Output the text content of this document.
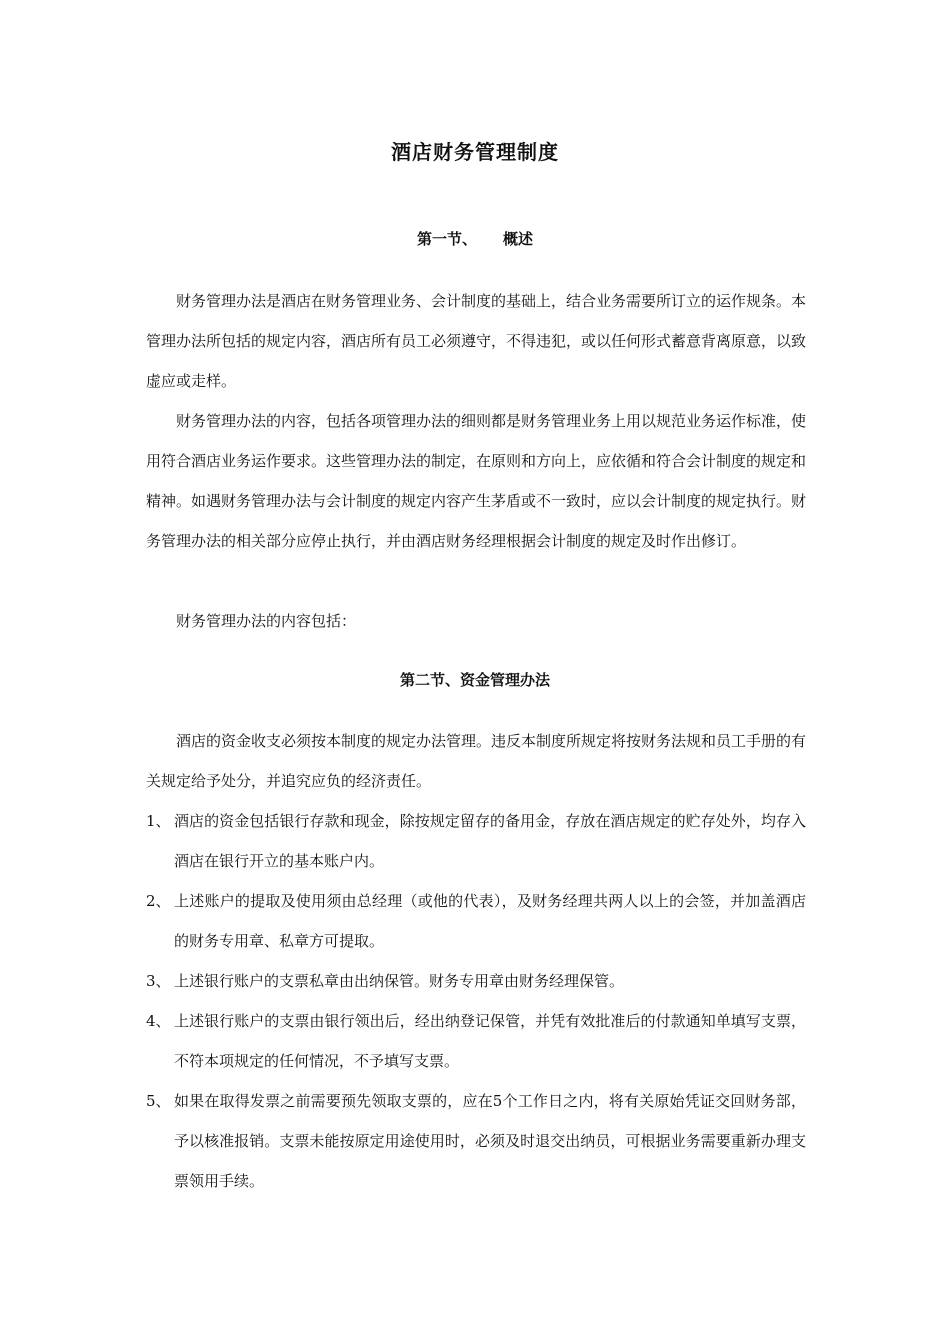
酒店财务管理制度
第一节、 概述

财务管理办法是酒店在财务管理业务、会计制度的基础上，结合业务需要所订立的运作规条。本管理办法所包括的规定内容，酒店所有员工必须遵守，不得违犯，或以任何形式蓄意背离原意，以致虚应或走样。

财务管理办法的内容，包括各项管理办法的细则都是财务管理业务上用以规范业务运作标准，使用符合酒店业务运作要求。这些管理办法的制定，在原则和方向上，应依循和符合会计制度的规定和精神。如遇财务管理办法与会计制度的规定内容产生茅盾或不一致时，应以会计制度的规定执行。财务管理办法的相关部分应停止执行，并由酒店财务经理根据会计制度的规定及时作出修订。

财务管理办法的内容包括：

第二节、资金管理办法

酒店的资金收支必须按本制度的规定办法管理。违反本制度所规定将按财务法规和员工手册的有关规定给予处分，并追究应负的经济责任。

1、 酒店的资金包括银行存款和现金，除按规定留存的备用金，存放在酒店规定的贮存处外，均存入酒店在银行开立的基本账户内。
2、 上述账户的提取及使用须由总经理（或他的代表），及财务经理共两人以上的会签，并加盖酒店的财务专用章、私章方可提取。
3、 上述银行账户的支票私章由出纳保管。财务专用章由财务经理保管。
4、 上述银行账户的支票由银行领出后，经出纳登记保管，并凭有效批准后的付款通知单填写支票，不符本项规定的任何情况，不予填写支票。
5、 如果在取得发票之前需要预先领取支票的，应在5个工作日之内，将有关原始凭证交回财务部，予以核准报销。支票未能按原定用途使用时，必须及时退交出纳员，可根据业务需要重新办理支票领用手续。
